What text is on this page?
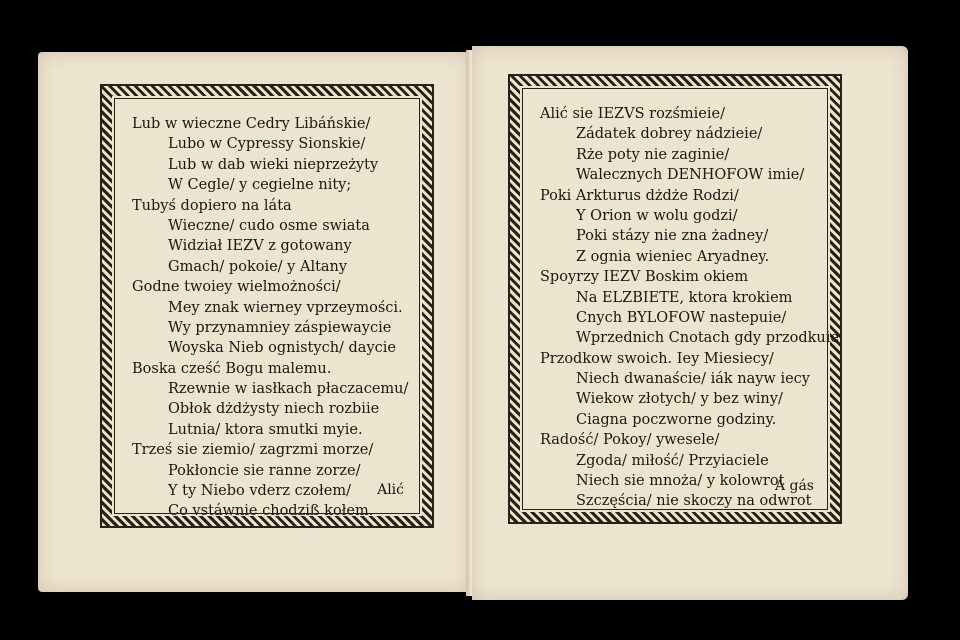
Lub w wieczne Cedry Libáńskie/
Lubo w Cypressy Sionskie/
Lub w dab wieki nieprzeżyty
W Cegle/ y cegielne nity;
Tubyś dopiero na láta
Wieczne/ cudo osme swiata
Widział IEZV z gotowany
Gmach/ pokoie/ y Altany
Godne twoiey wielmożności/
Mey znak wierney vprzeymości.
Wy przynamniey záspiewaycie
Woyska Nieb ognistych/ daycie
Boska cześć Bogu malemu.
Rzewnie w iasłkach płaczacemu/
Obłok dżdżysty niech rozbiie
Lutnia/ ktora smutki myie.
Trześ sie ziemio/ zagrzmi morze/
Pokłoncie sie ranne zorze/
Y ty Niebo vderz czołem/
Co vstáwnie chodziß kołem.
Alić
Alić sie IEZVS rozśmieie/
Zádatek dobrey nádzieie/
Rże poty nie zaginie/
Walecznych DENHOFOW imie/
Poki Arkturus dżdże Rodzi/
Y Orion w wolu godzi/
Poki stázy nie zna żadney/
Z ognia wieniec Aryadney.
Spoyrzy IEZV Boskim okiem
Na ELZBIETE, ktora krokiem
Cnych BYLOFOW nastepuie/
Wprzednich Cnotach gdy przodkuie
Przodkow swoich. Iey Miesiecy/
Niech dwanaście/ iák nayw iecy
Wiekow złotych/ y bez winy/
Ciagna poczworne godziny.
Radość/ Pokoy/ ywesele/
Zgoda/ miłość/ Przyiaciele
Niech sie mnoża/ y kolowrot
Szczęścia/ nie skoczy na odwrot
A gás
